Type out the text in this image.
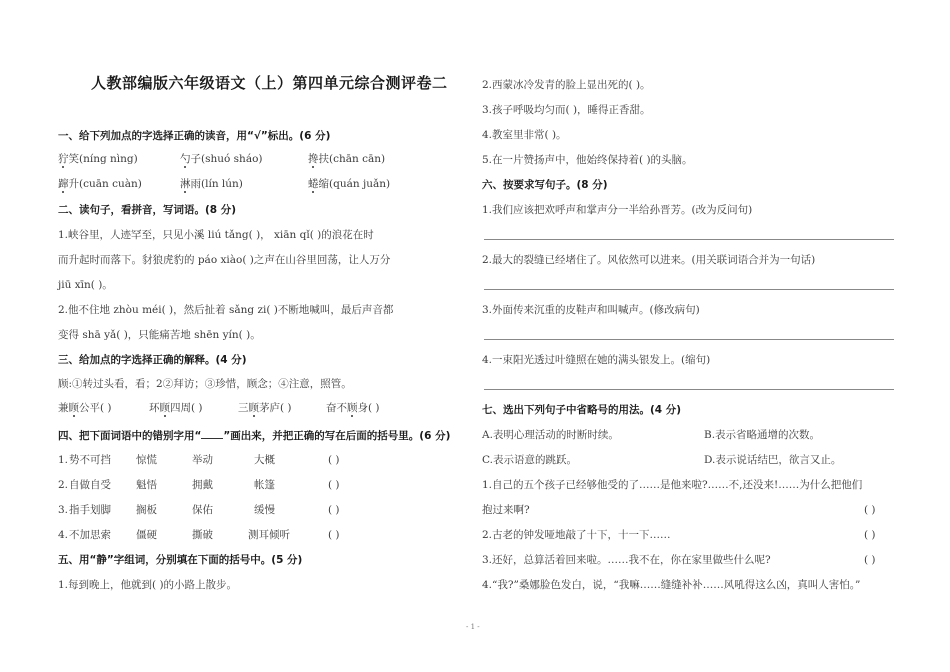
人教部编版六年级语文（上）第四单元综合测评卷二
一、给下列加点的字选择正确的读音，用“√”标出。(6 分)
狞笑(níng nìng)	勺子(shuó sháo)	搀扶(chān cān)
蹿升(cuān cuàn)	淋雨(lín lún)	蜷缩(quán juǎn)
二、读句子，看拼音，写词语。(8 分)
1.峡谷里，人迹罕至，只见小溪 liú tǎng( )， xiān qǐ( )的浪花在时
而升起时而落下。豺狼虎豹的 páo xiào( )之声在山谷里回荡，让人万分
jiū xīn( )。
2.他不住地 zhòu méi( )，然后扯着 sǎng zi( )不断地喊叫，最后声音都
变得 shā yǎ( )，只能痛苦地 shēn yín( )。
三、给加点的字选择正确的解释。(4 分)
顾:①转过头看，看；2②拜访；③珍惜，顾念；④注意，照管。
兼顾公平( )	环顾四周( )	三顾茅庐( )	奋不顾身( )
四、把下面词语中的错别字用“ ”画出来，并把正确的写在后面的括号里。(6 分)
1. 势不可挡 惊慌	举动	大概	( )
2. 自做自受 魁悟	拥戴	帐篷	( )
3. 指手划脚 搁板	保佑	缓慢	( )
4. 不加思索 僵硬	撕破	测耳倾听	( )
五、用“静”字组词，分别填在下面的括号中。(5 分)
1.每到晚上，他就到( )的小路上散步。
2.西蒙冰冷发青的脸上显出死的( )。
3.孩子呼吸均匀而( )，睡得正香甜。
4.教室里非常( )。
5.在一片赞扬声中，他始终保持着( )的头脑。
六、按要求写句子。(8 分)
1.我们应该把欢呼声和掌声分一半给孙晋芳。(改为反问句)
2.最大的裂缝已经堵住了。风依然可以进来。(用关联词语合并为一句话)
3.外面传来沉重的皮鞋声和叫喊声。(修改病句)
4.一束阳光透过叶缝照在她的满头银发上。(缩句)
七、选出下列句子中省略号的用法。(4 分)
A.表明心理活动的时断时续。	B.表示省略通增的次数。
C.表示语意的跳跃。	D.表示说话结巴，欲言又止。
1.自己的五个孩子已经够他受的了……是他来啦?……不,还没来!……为什么把他们
抱过来啊?	( )
2.古老的钟发哑地敲了十下，十一下……	( )
3.还好，总算活着回来啦。……我不在，你在家里做些什么呢?	( )
4.“我?”桑娜脸色发白，说，“我嘛……缝缝补补……风吼得这么凶，真叫人害怕。”
- 1 -
